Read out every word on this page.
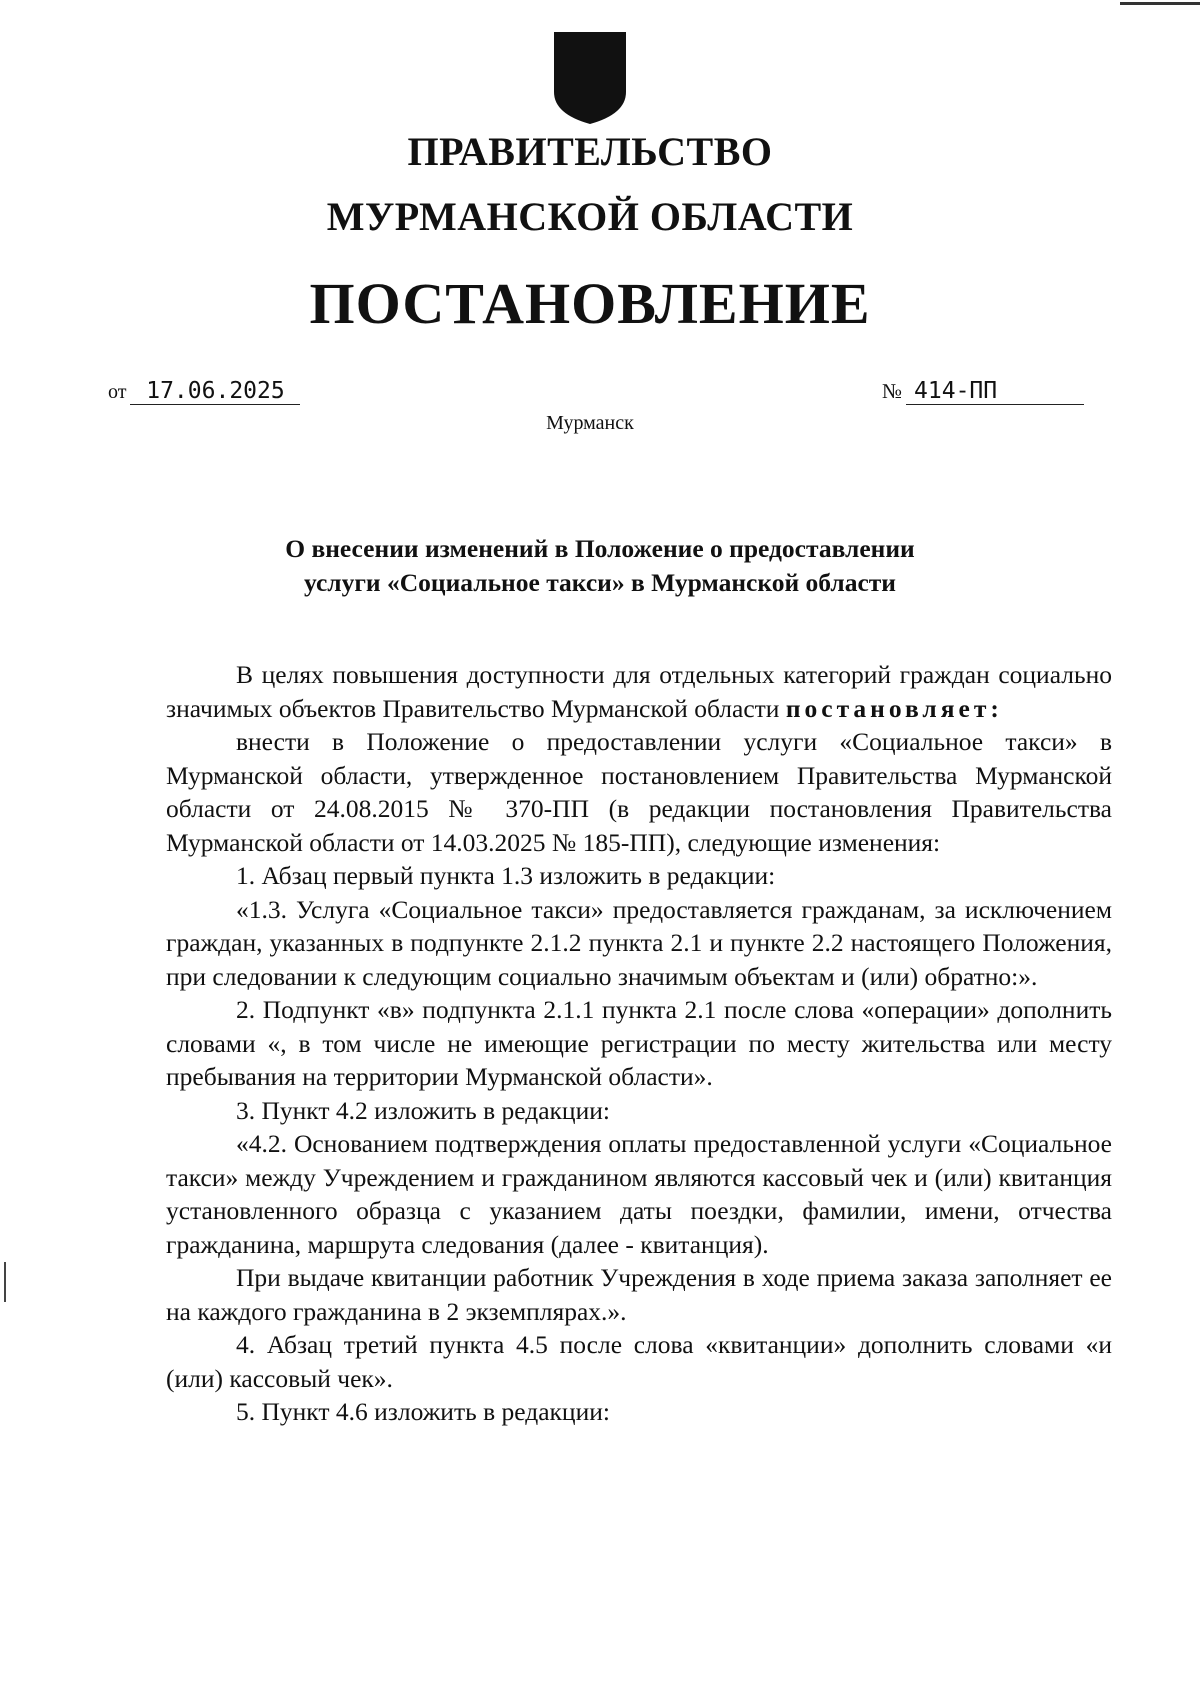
ПРАВИТЕЛЬСТВО
МУРМАНСКОЙ ОБЛАСТИ
ПОСТАНОВЛЕНИЕ
от 17.06.2025	№ 414-ПП
Мурманск
О внесении изменений в Положение о предоставлении
услуги «Социальное такси» в Мурманской области

В целях повышения доступности для отдельных категорий граждан социально значимых объектов Правительство Мурманской области постановляет:

внести в Положение о предоставлении услуги «Социальное такси» в Мурманской области, утвержденное постановлением Правительства Мурманской области от 24.08.2015 № 370-ПП (в редакции постановления Правительства Мурманской области от 14.03.2025 № 185-ПП), следующие изменения:

1. Абзац первый пункта 1.3 изложить в редакции:

«1.3. Услуга «Социальное такси» предоставляется гражданам, за исключением граждан, указанных в подпункте 2.1.2 пункта 2.1 и пункте 2.2 настоящего Положения, при следовании к следующим социально значимым объектам и (или) обратно:».

2. Подпункт «в» подпункта 2.1.1 пункта 2.1 после слова «операции» дополнить словами «, в том числе не имеющие регистрации по месту жительства или месту пребывания на территории Мурманской области».

3. Пункт 4.2 изложить в редакции:

«4.2. Основанием подтверждения оплаты предоставленной услуги «Социальное такси» между Учреждением и гражданином являются кассовый чек и (или) квитанция установленного образца с указанием даты поездки, фамилии, имени, отчества гражданина, маршрута следования (далее - квитанция).

При выдаче квитанции работник Учреждения в ходе приема заказа заполняет ее на каждого гражданина в 2 экземплярах.».

4. Абзац третий пункта 4.5 после слова «квитанции» дополнить словами «и (или) кассовый чек».

5. Пункт 4.6 изложить в редакции:
